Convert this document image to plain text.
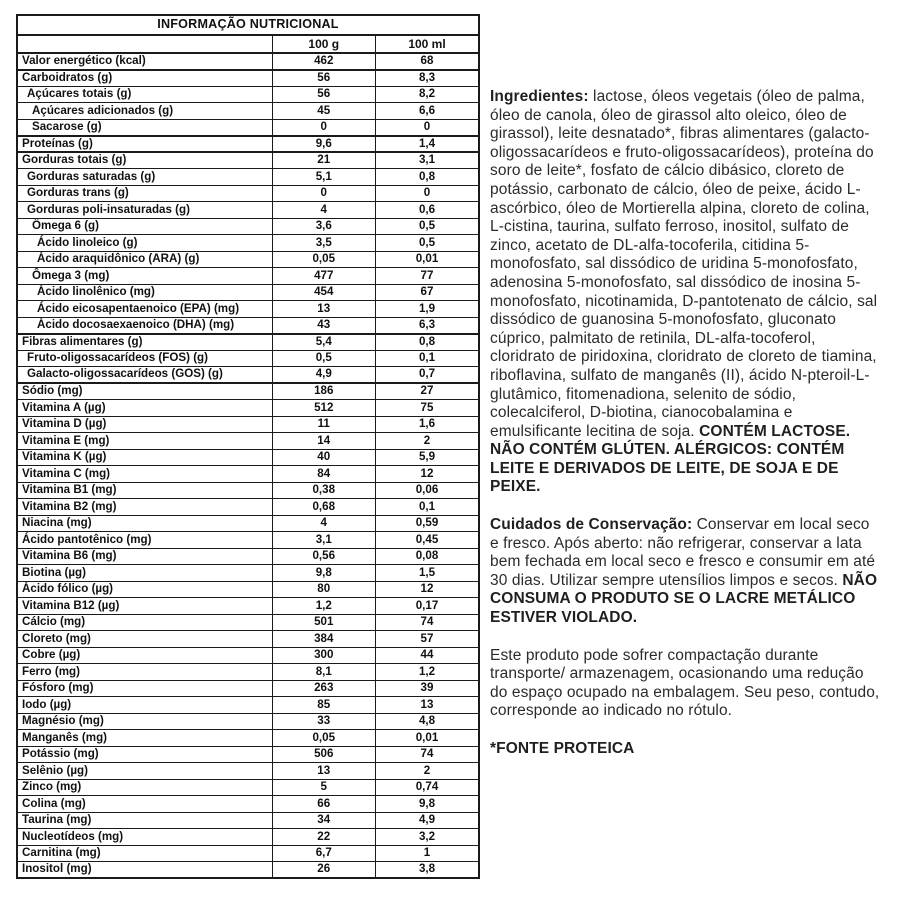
INFORMAÇÃO NUTRICIONAL		
	100 g	100 ml
Valor energético (kcal)	462	68
Carboidratos (g)	56	8,3
Açúcares totais (g)	56	8,2
Açúcares adicionados (g)	45	6,6
Sacarose (g)	0	0
Proteínas (g)	9,6	1,4
Gorduras totais (g)	21	3,1
Gorduras saturadas (g)	5,1	0,8
Gorduras trans (g)	0	0
Gorduras poli-insaturadas (g)	4	0,6
Ômega 6 (g)	3,6	0,5
Ácido linoleico (g)	3,5	0,5
Ácido araquidônico (ARA) (g)	0,05	0,01
Ômega 3 (mg)	477	77
Ácido linolênico (mg)	454	67
Ácido eicosapentaenoico (EPA) (mg)	13	1,9
Ácido docosaexaenoico (DHA) (mg)	43	6,3
Fibras alimentares (g)	5,4	0,8
Fruto-oligossacarídeos (FOS) (g)	0,5	0,1
Galacto-oligossacarídeos (GOS) (g)	4,9	0,7
Sódio (mg)	186	27
Vitamina A (µg)	512	75
Vitamina D (µg)	11	1,6
Vitamina E (mg)	14	2
Vitamina K (µg)	40	5,9
Vitamina C (mg)	84	12
Vitamina B1 (mg)	0,38	0,06
Vitamina B2 (mg)	0,68	0,1
Niacina (mg)	4	0,59
Ácido pantotênico (mg)	3,1	0,45
Vitamina B6 (mg)	0,56	0,08
Biotina (µg)	9,8	1,5
Ácido fólico (µg)	80	12
Vitamina B12 (µg)	1,2	0,17
Cálcio (mg)	501	74
Cloreto (mg)	384	57
Cobre (µg)	300	44
Ferro (mg)	8,1	1,2
Fósforo (mg)	263	39
Iodo (µg)	85	13
Magnésio (mg)	33	4,8
Manganês (mg)	0,05	0,01
Potássio (mg)	506	74
Selênio (µg)	13	2
Zinco (mg)	5	0,74
Colina (mg)	66	9,8
Taurina (mg)	34	4,9
Nucleotídeos (mg)	22	3,2
Carnitina (mg)	6,7	1
Inositol (mg)	26	3,8

Ingredientes: lactose, óleos vegetais (óleo de palma, óleo de canola, óleo de girassol alto oleico, óleo de girassol), leite desnatado*, fibras alimentares (galacto-oligossacarídeos e fruto-oligossacarídeos), proteína do soro de leite*, fosfato de cálcio dibásico, cloreto de potássio, carbonato de cálcio, óleo de peixe, ácido L-ascórbico, óleo de Mortierella alpina, cloreto de colina, L-cistina, taurina, sulfato ferroso, inositol, sulfato de zinco, acetato de DL-alfa-tocoferila, citidina 5-monofosfato, sal dissódico de uridina 5-monofosfato, adenosina 5-monofosfato, sal dissódico de inosina 5-monofosfato, nicotinamida, D-pantotenato de cálcio, sal dissódico de guanosina 5-monofosfato, gluconato cúprico, palmitato de retinila, DL-alfa-tocoferol, cloridrato de piridoxina, cloridrato de cloreto de tiamina, riboflavina, sulfato de manganês (II), ácido N-pteroil-L-glutâmico, fitomenadiona, selenito de sódio, colecalciferol, D-biotina, cianocobalamina e emulsificante lecitina de soja. CONTÉM LACTOSE. NÃO CONTÉM GLÚTEN. ALÉRGICOS: CONTÉM LEITE E DERIVADOS DE LEITE, DE SOJA E DE PEIXE.

Cuidados de Conservação: Conservar em local seco e fresco. Após aberto: não refrigerar, conservar a lata bem fechada em local seco e fresco e consumir em até 30 dias. Utilizar sempre utensílios limpos e secos. NÃO CONSUMA O PRODUTO SE O LACRE METÁLICO ESTIVER VIOLADO.

Este produto pode sofrer compactação durante transporte/ armazenagem, ocasionando uma redução do espaço ocupado na embalagem. Seu peso, contudo, corresponde ao indicado no rótulo.

*FONTE PROTEICA
